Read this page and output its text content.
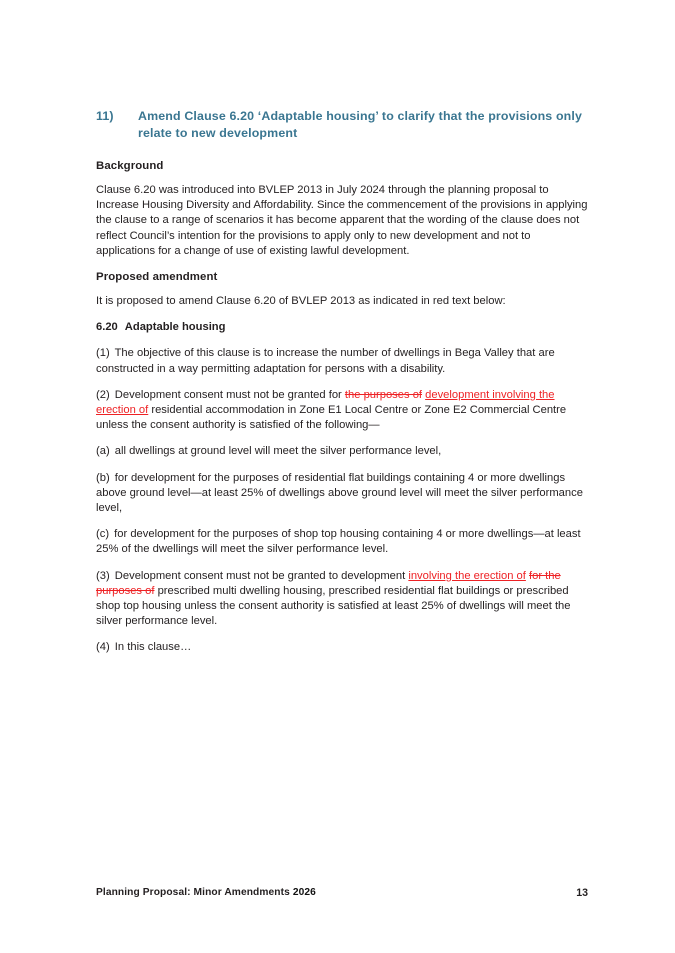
11) Amend Clause 6.20 ‘Adaptable housing’ to clarify that the provisions only relate to new development
Background

Clause 6.20 was introduced into BVLEP 2013 in July 2024 through the planning proposal to Increase Housing Diversity and Affordability. Since the commencement of the provisions in applying the clause to a range of scenarios it has become apparent that the wording of the clause does not reflect Council’s intention for the provisions to apply only to new development and not to applications for a change of use of existing lawful development.

Proposed amendment

It is proposed to amend Clause 6.20 of BVLEP 2013 as indicated in red text below:

6.20 Adaptable housing

(1) The objective of this clause is to increase the number of dwellings in Bega Valley that are constructed in a way permitting adaptation for persons with a disability.

(2) Development consent must not be granted for the purposes of development involving the erection of residential accommodation in Zone E1 Local Centre or Zone E2 Commercial Centre unless the consent authority is satisfied of the following—

(a) all dwellings at ground level will meet the silver performance level,

(b) for development for the purposes of residential flat buildings containing 4 or more dwellings above ground level—at least 25% of dwellings above ground level will meet the silver performance level,

(c) for development for the purposes of shop top housing containing 4 or more dwellings—at least 25% of the dwellings will meet the silver performance level.

(3) Development consent must not be granted to development involving the erection of for the purposes of prescribed multi dwelling housing, prescribed residential flat buildings or prescribed shop top housing unless the consent authority is satisfied at least 25% of dwellings will meet the silver performance level.

(4) In this clause…

Planning Proposal: Minor Amendments 2026	13
